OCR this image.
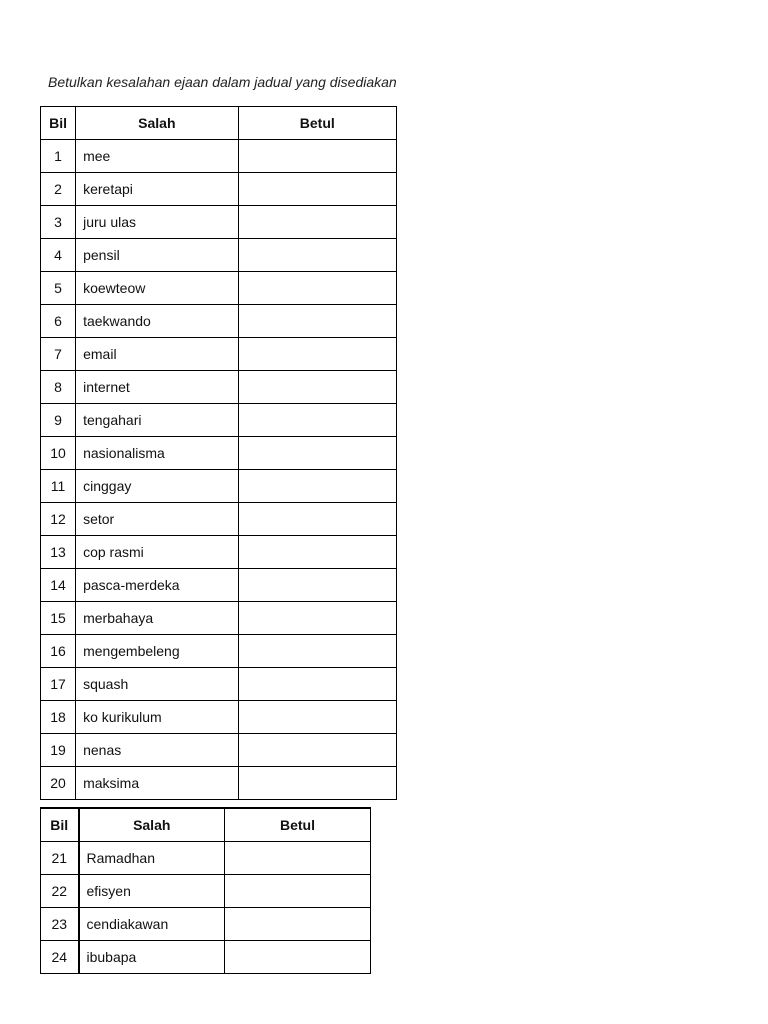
Betulkan kesalahan ejaan dalam jadual yang disediakan
Bil	Salah	Betul
1	mee	
2	keretapi	
3	juru ulas	
4	pensil	
5	koewteow	
6	taekwando	
7	email	
8	internet	
9	tengahari	
10	nasionalisma	
11	cinggay	
12	setor	
13	cop rasmi	
14	pasca-merdeka	
15	merbahaya	
16	mengembeleng	
17	squash	
18	ko kurikulum	
19	nenas	
20	maksima	
Bil	Salah	Betul
21	Ramadhan	
22	efisyen	
23	cendiakawan	
24	ibubapa	
